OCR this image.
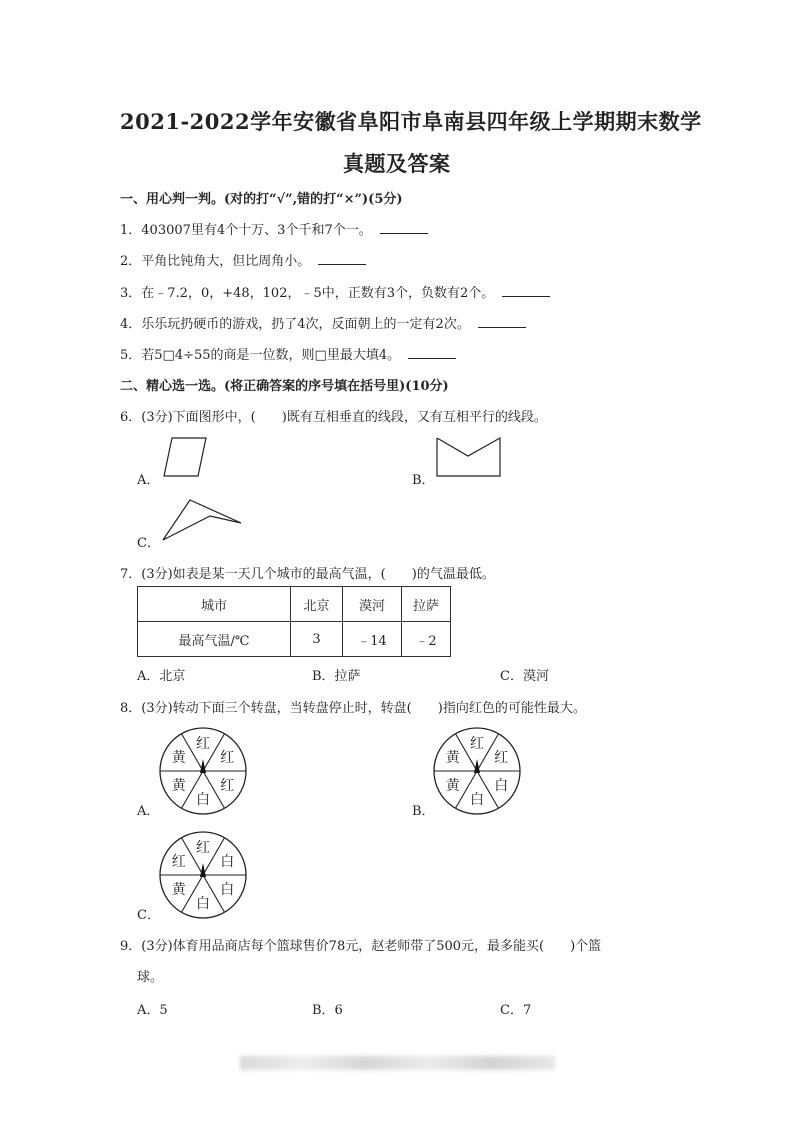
2021-2022学年安徽省阜阳市阜南县四年级上学期期末数学
真题及答案
一、用心判一判。(对的打“√”,错的打“×”)(5分)
1．403007里有4个十万、3个千和7个一。
2．平角比钝角大，但比周角小。
3．在﹣7.2，0，+48，102，﹣5中，正数有3个，负数有2个。
4．乐乐玩扔硬币的游戏，扔了4次，反面朝上的一定有2次。
5．若5□4÷55的商是一位数，则□里最大填4。
二、精心选一选。(将正确答案的序号填在括号里)(10分)
6．(3分)下面图形中，(　　)既有互相垂直的线段，又有互相平行的线段。
A．	B．
C．
7．(3分)如表是某一天几个城市的最高气温，(　　)的气温最低。
城市	北京	漠河	拉萨
最高气温/℃	3	﹣14	﹣2
A．北京	B．拉萨	C．漠河
8．(3分)转动下面三个转盘，当转盘停止时，转盘(　　)指向红色的可能性最大。
A．
红
红
红
白
黄
黄
B．
红
红
白
白
黄
黄
C．
红
白
白
白
黄
红
9．(3分)体育用品商店每个篮球售价78元，赵老师带了500元，最多能买(　　)个篮
球。
A．5	B．6	C．7
